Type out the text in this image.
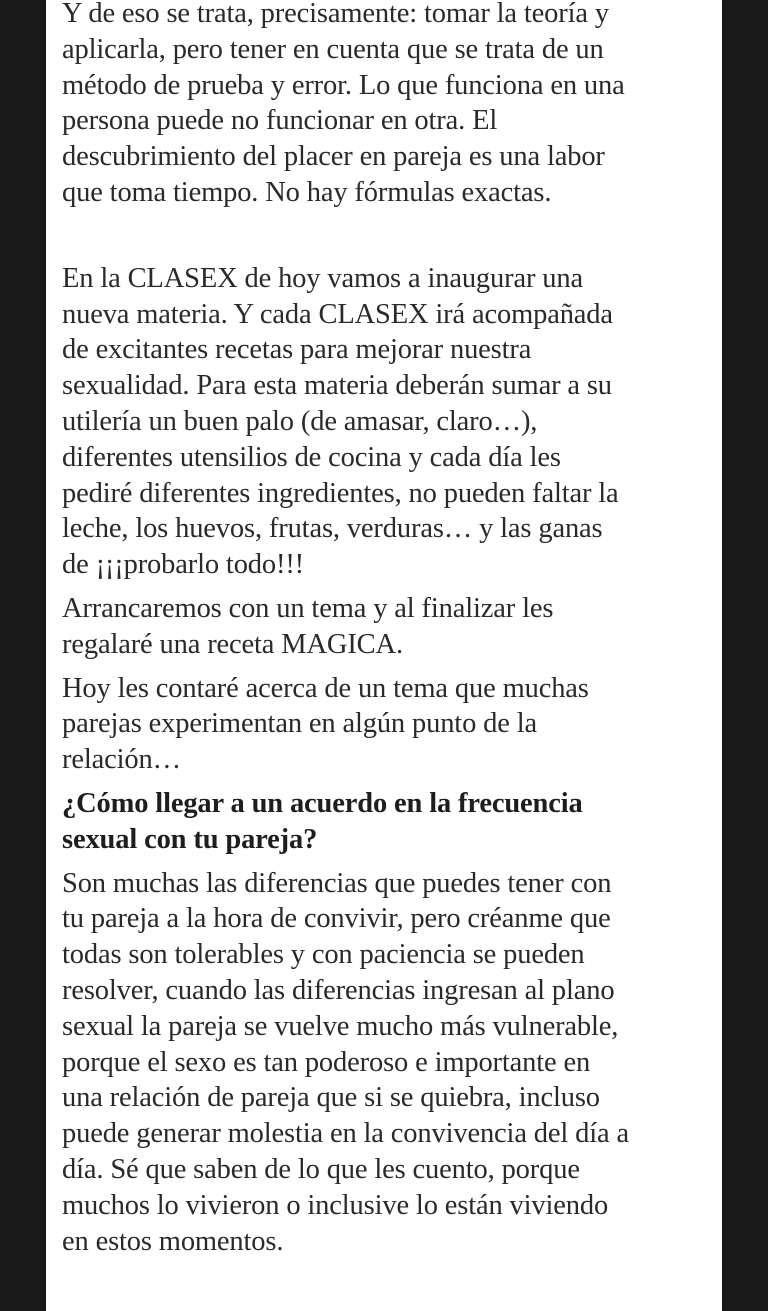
Y de eso se trata, precisamente: tomar la teoría y
aplicarla, pero tener en cuenta que se trata de un
método de prueba y error. Lo que funciona en una
persona puede no funcionar en otra. El
descubrimiento del placer en pareja es una labor
que toma tiempo. No hay fórmulas exactas.

En la CLASEX de hoy vamos a inaugurar una
nueva materia. Y cada CLASEX irá acompañada
de excitantes recetas para mejorar nuestra
sexualidad. Para esta materia deberán sumar a su
utilería un buen palo (de amasar, claro…),
diferentes utensilios de cocina y cada día les
pediré diferentes ingredientes, no pueden faltar la
leche, los huevos, frutas, verduras… y las ganas
de ¡¡¡probarlo todo!!!

Arrancaremos con un tema y al finalizar les
regalaré una receta MAGICA.

Hoy les contaré acerca de un tema que muchas
parejas experimentan en algún punto de la
relación…

¿Cómo llegar a un acuerdo en la frecuencia
sexual con tu pareja?

Son muchas las diferencias que puedes tener con
tu pareja a la hora de convivir, pero créanme que
todas son tolerables y con paciencia se pueden
resolver, cuando las diferencias ingresan al plano
sexual la pareja se vuelve mucho más vulnerable,
porque el sexo es tan poderoso e importante en
una relación de pareja que si se quiebra, incluso
puede generar molestia en la convivencia del día a
día. Sé que saben de lo que les cuento, porque
muchos lo vivieron o inclusive lo están viviendo
en estos momentos.
